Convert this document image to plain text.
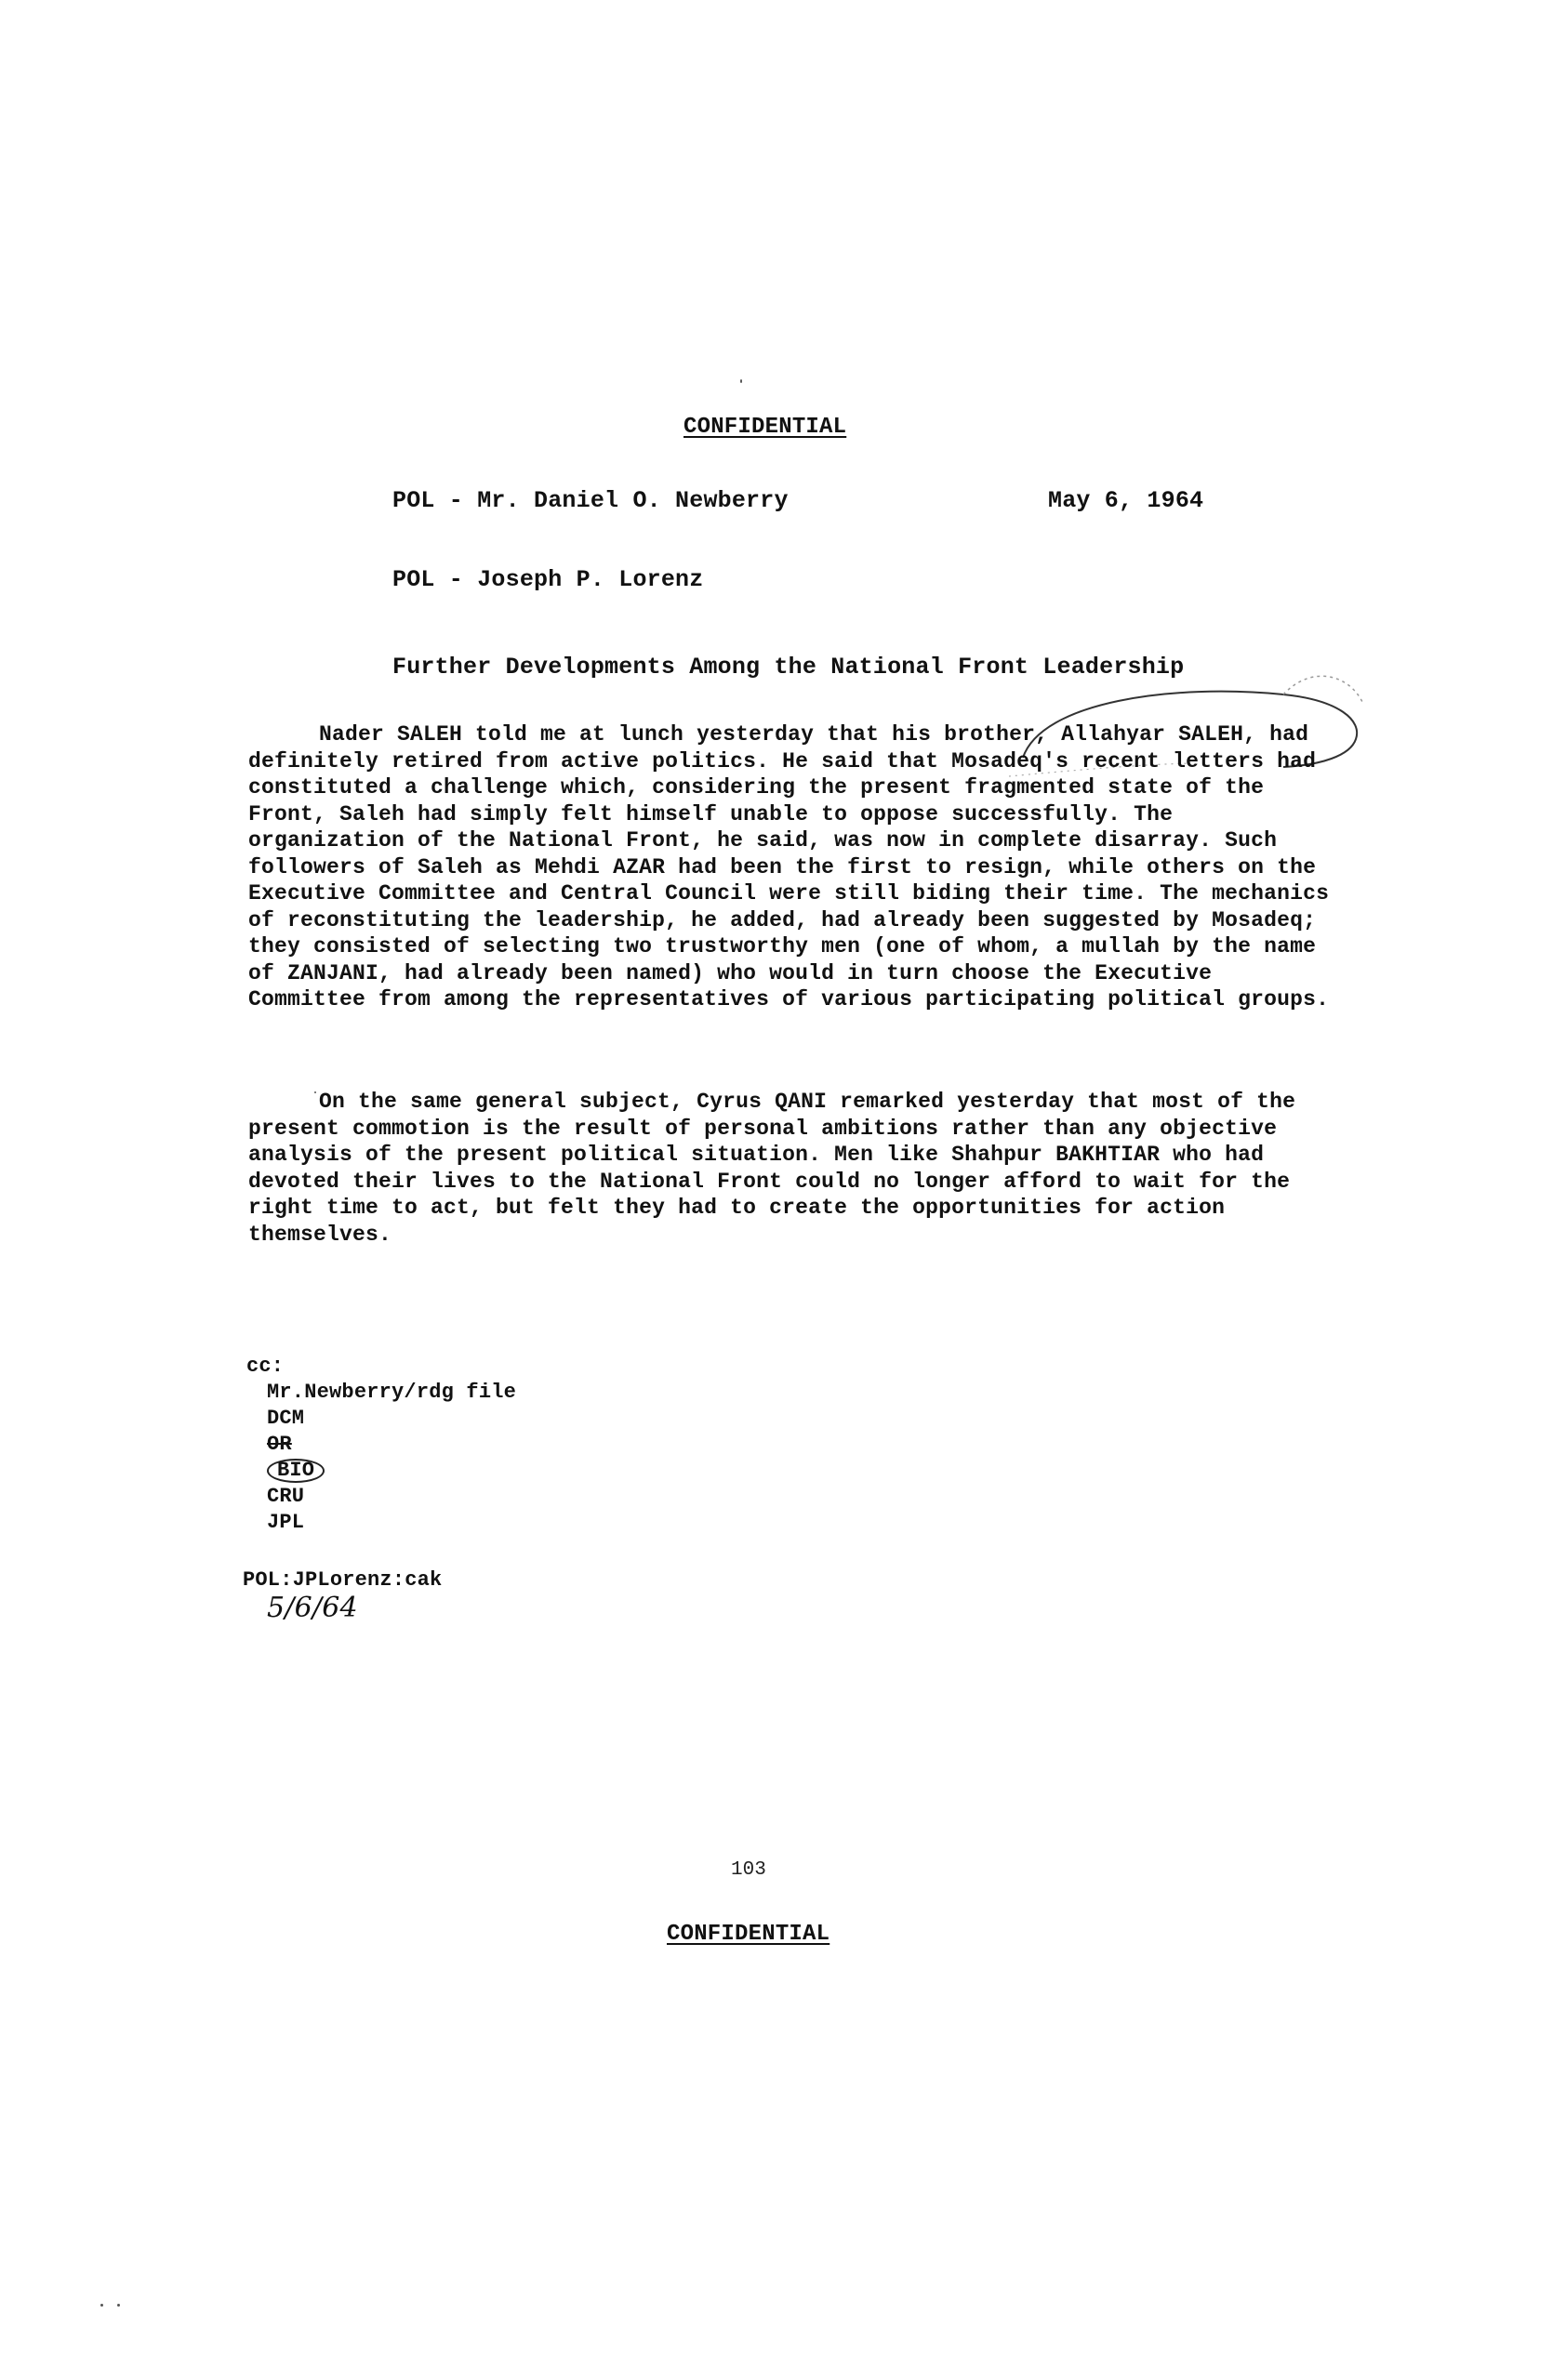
CONFIDENTIAL
POL - Mr. Daniel O. Newberry	May 6, 1964
POL - Joseph P. Lorenz
Further Developments Among the National Front Leadership

Nader SALEH told me at lunch yesterday that his brother, Allahyar SALEH, had definitely retired from active politics. He said that Mosadeq's recent letters had constituted a challenge which, considering the present fragmented state of the Front, Saleh had simply felt himself unable to oppose successfully. The organization of the National Front, he said, was now in complete disarray. Such followers of Saleh as Mehdi AZAR had been the first to resign, while others on the Executive Committee and Central Council were still biding their time. The mechanics of reconstituting the leadership, he added, had already been suggested by Mosadeq; they consisted of selecting two trustworthy men (one of whom, a mullah by the name of ZANJANI, had already been named) who would in turn choose the Executive Committee from among the representatives of various participating political groups.

On the same general subject, Cyrus QANI remarked yesterday that most of the present commotion is the result of personal ambitions rather than any objective analysis of the present political situation. Men like Shahpur BAKHTIAR who had devoted their lives to the National Front could no longer afford to wait for the right time to act, but felt they had to create the opportunities for action themselves.

cc:
Mr.Newberry/rdg file
DCM
OR
BIO
CRU
JPL
POL:JPLorenz:cak
5/6/64
103
CONFIDENTIAL
